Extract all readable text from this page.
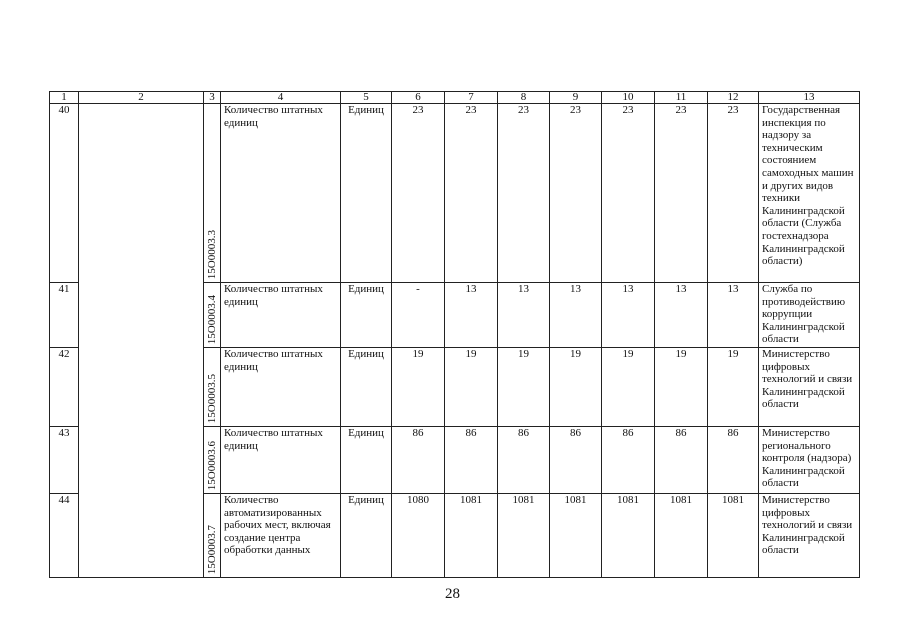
1	2	3	4	5	6	7	8	9	10	11	12	13
40		15O0003.3	Количество штатных единиц	Единиц	23	23	23	23	23	23	23	Государственная инспекция по надзору за техническим состоянием самоходных машин и других видов техники Калининградской области (Служба гостехнадзора Калининградской области)
41		15O0003.4	Количество штатных единиц	Единиц	-	13	13	13	13	13	13	Служба по противодействию коррупции Калининградской области
42		15O0003.5	Количество штатных единиц	Единиц	19	19	19	19	19	19	19	Министерство цифровых технологий и связи Калининградской области
43		15O0003.6	Количество штатных единиц	Единиц	86	86	86	86	86	86	86	Министерство регионального контроля (надзора) Калининградской области
44		15O0003.7	Количество автоматизированных рабочих мест, включая создание центра обработки данных	Единиц	1080	1081	1081	1081	1081	1081	1081	Министерство цифровых технологий и связи Калининградской области
28
